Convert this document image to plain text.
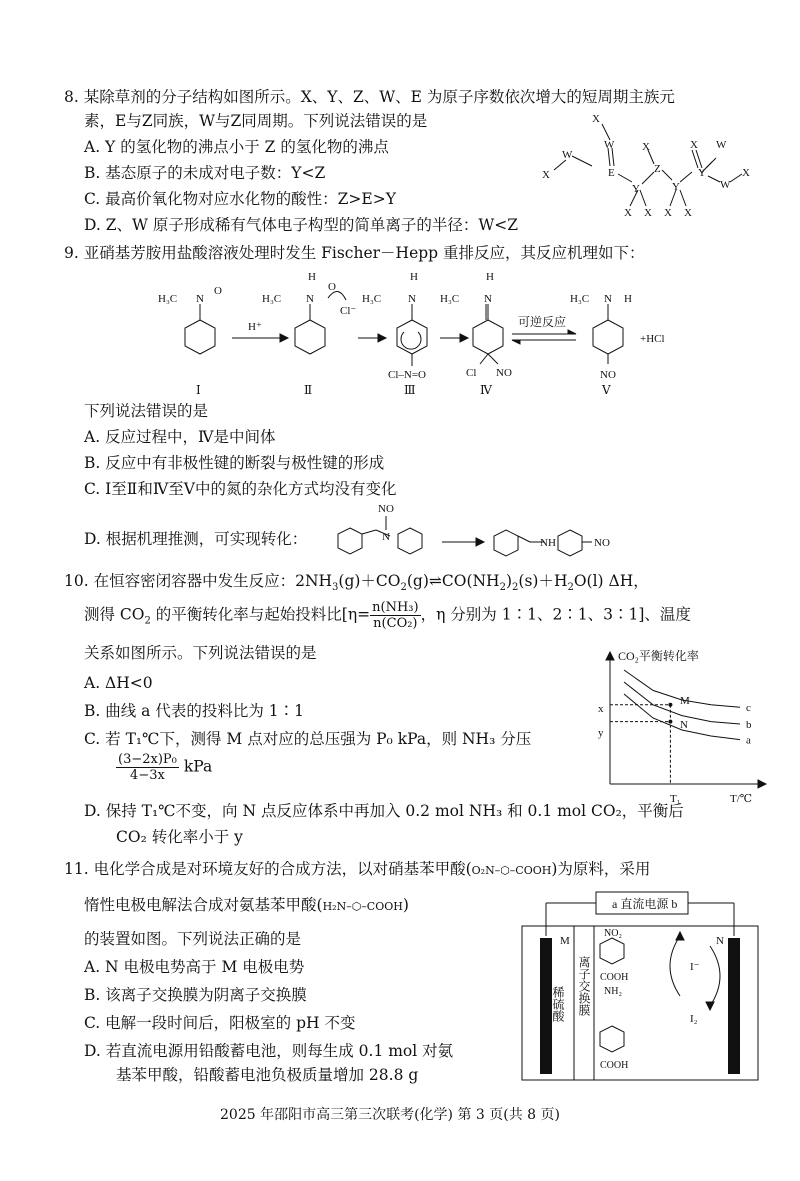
8. 某除草剂的分子结构如图所示。X、Y、Z、W、E 为原子序数依次增大的短周期主族元
素，E与Z同族，W与Z同周期。下列说法错误的是
A. Y 的氢化物的沸点小于 Z 的氢化物的沸点
B. 基态原子的未成对电子数：Y<Z
C. 最高价氧化物对应水化物的酸性：Z>E>Y
D. Z、W 原子形成稀有气体电子构型的简单离子的半径：W<Z
X
W
W
X	E
Y
X X
Z
X
Y
X X
X W
Y
W
X
9. 亚硝基芳胺用盐酸溶液处理时发生 Fischer－Hepp 重排反应，其反应机理如下：
H₃C N
O
H⁺
H₃C N
H
O
Cl⁻
H₃C N
H
Cl–N=O
H₃C N
H
Cl NO
可逆反应
H₃C N H
NO
+HCl
Ⅰ	Ⅱ	Ⅲ	Ⅳ	Ⅴ
下列说法错误的是
A. 反应过程中，Ⅳ是中间体
B. 反应中有非极性键的断裂与极性键的形成
C. Ⅰ至Ⅱ和Ⅳ至Ⅴ中的氮的杂化方式均没有变化
D. 根据机理推测，可实现转化：
NO
N	NH	NO
10. 在恒容密闭容器中发生反应：$2NH_3(g)+CO_2(g)\rightleftharpoons CO(NH_2)_2(s)+H_2O(l)$ ΔH，
测得 $CO_2$ 的平衡转化率与起始投料比[$\eta= \frac{\text{n(NH₃)}}{\text{n(CO₂)}}$ ，η 分别为 1∶1、2∶1、3∶1]、温度
关系如图所示。下列说法错误的是
A. ΔH<0
B. 曲线 a 代表的投料比为 1∶1
C. 若 T₁℃下，测得 M 点对应的总压强为 P₀ kPa，则 NH₃ 分压
$\frac{\text{(3−2x)P₀}}{4-3x}$ kPa
D. 保持 T₁℃不变，向 N 点反应体系中再加入 0.2 mol NH₃ 和 0.1 mol CO₂，平衡后
CO₂ 转化率小于 y
CO₂平衡转化率
T/℃
T₁
x
y
M
N
c
b
a
11. 电化学合成是对环境友好的合成方法，以对硝基苯甲酸(O₂N–⬡–COOH)为原料，采用
惰性电极电解法合成对氨基苯甲酸(H₂N–⬡–COOH)
的装置如图。下列说法正确的是
A. N 电极电势高于 M 电极电势
B. 该离子交换膜为阴离子交换膜
C. 电解一段时间后，阳极室的 pH 不变
D. 若直流电源用铅酸蓄电池，则每生成 0.1 mol 对氨
基苯甲酸，铅酸蓄电池负极质量增加 28.8 g
a 直流电源 b
M	N
稀硫酸 离子交换膜
NO₂
COOH
NH₂
COOH
I⁻
I₂
2025 年邵阳市高三第三次联考(化学) 第 3 页(共 8 页)
